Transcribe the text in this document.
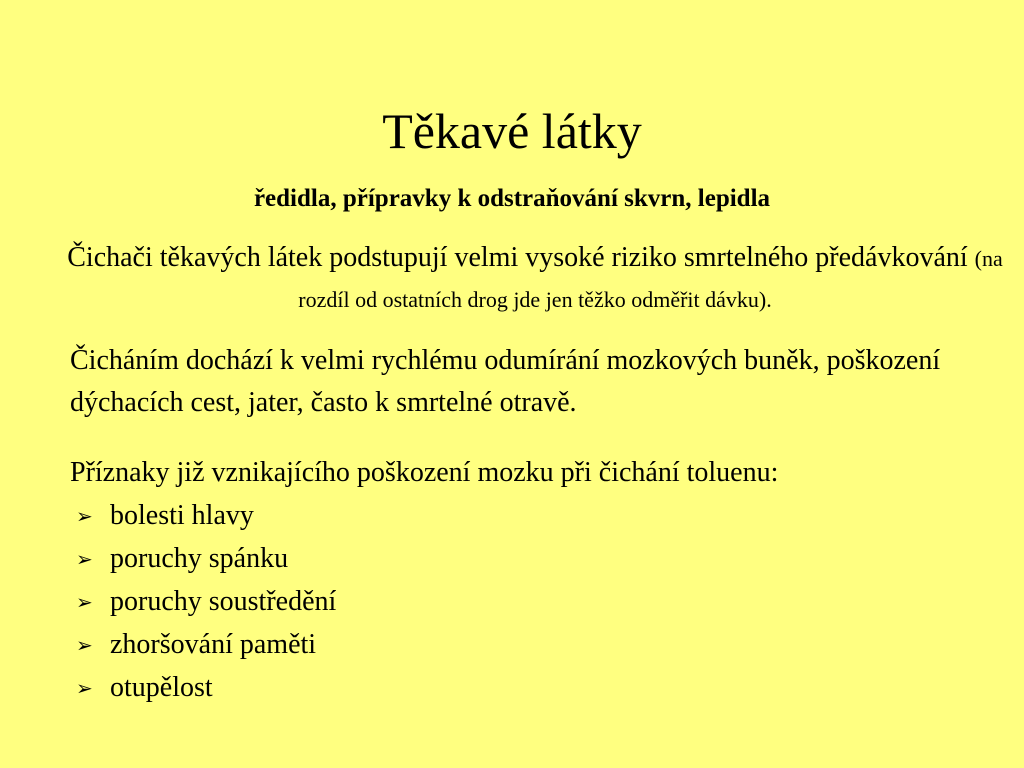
Těkavé látky
ředidla, přípravky k odstraňování skvrn, lepidla
Čichači těkavých látek podstupují velmi vysoké riziko smrtelného předávkování (na rozdíl od ostatních drog jde jen těžko odměřit dávku).
Čicháním dochází k velmi rychlému odumírání mozkových buněk, poškození dýchacích cest, jater, často k smrtelné otravě.
Příznaky již vznikajícího poškození mozku při čichání toluenu:
➢ bolesti hlavy
➢ poruchy spánku
➢ poruchy soustředění
➢ zhoršování paměti
➢ otupělost
